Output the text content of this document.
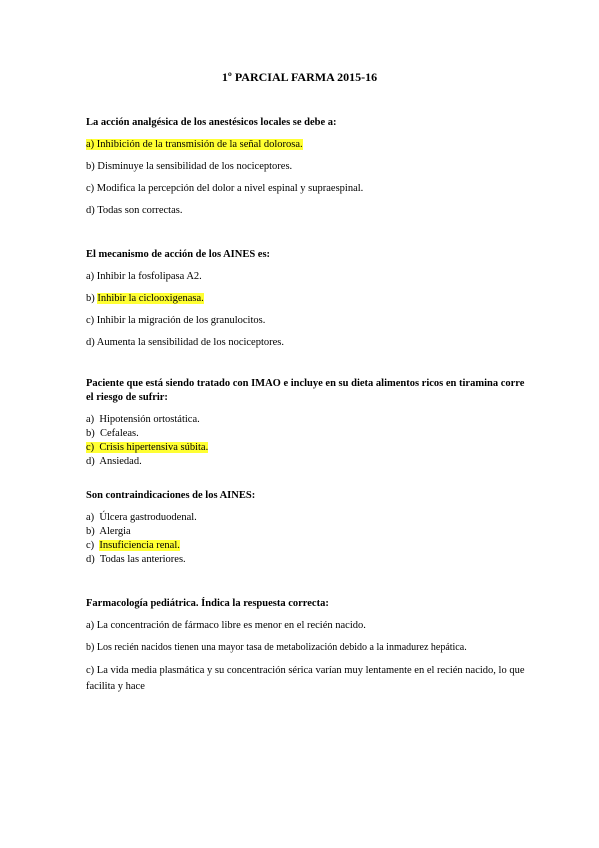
1º PARCIAL FARMA 2015-16
La acción analgésica de los anestésicos locales se debe a:
a) Inhibición de la transmisión de la señal dolorosa.
b) Disminuye la sensibilidad de los nociceptores.
c) Modifica la percepción del dolor a nivel espinal y supraespinal.
d) Todas son correctas.
El mecanismo de acción de los AINES es:
a) Inhibir la fosfolipasa A2.
b) Inhibir la ciclooxigenasa.
c) Inhibir la migración de los granulocitos.
d) Aumenta la sensibilidad de los nociceptores.
Paciente que está siendo tratado con IMAO e incluye en su dieta alimentos ricos en tiramina corre el riesgo de sufrir:
a) Hipotensión ortostática.
b) Cefaleas.
c) Crisis hipertensiva súbita.
d) Ansiedad.
Son contraindicaciones de los AINES:
a) Úlcera gastroduodenal.
b) Alergia
c) Insuficiencia renal.
d) Todas las anteriores.
Farmacología pediátrica. Índica la respuesta correcta:
a) La concentración de fármaco libre es menor en el recién nacido.
b) Los recién nacidos tienen una mayor tasa de metabolización debido a la inmadurez hepática.
c) La vida media plasmática y su concentración sérica varían muy lentamente en el recién nacido, lo que facilita y hace
